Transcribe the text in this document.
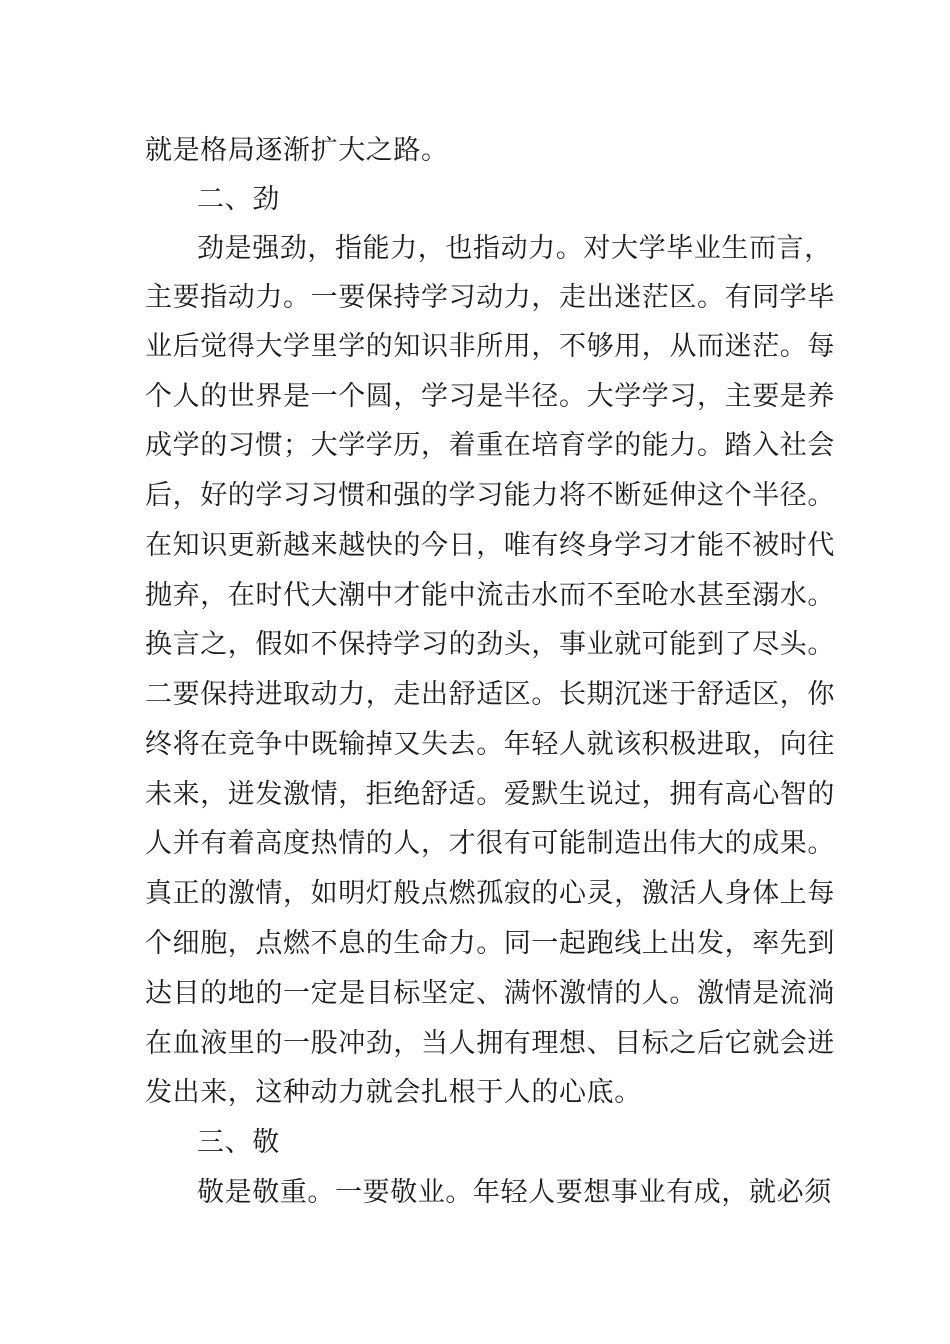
就是格局逐渐扩大之路。
二、劲
劲是强劲，指能力，也指动力。对大学毕业生而言，
主要指动力。一要保持学习动力，走出迷茫区。有同学毕
业后觉得大学里学的知识非所用，不够用，从而迷茫。每
个人的世界是一个圆，学习是半径。大学学习，主要是养
成学的习惯；大学学历，着重在培育学的能力。踏入社会
后，好的学习习惯和强的学习能力将不断延伸这个半径。
在知识更新越来越快的今日，唯有终身学习才能不被时代
抛弃，在时代大潮中才能中流击水而不至呛水甚至溺水。
换言之，假如不保持学习的劲头，事业就可能到了尽头。
二要保持进取动力，走出舒适区。长期沉迷于舒适区，你
终将在竞争中既输掉又失去。年轻人就该积极进取，向往
未来，迸发激情，拒绝舒适。爱默生说过，拥有高心智的
人并有着高度热情的人，才很有可能制造出伟大的成果。
真正的激情，如明灯般点燃孤寂的心灵，激活人身体上每
个细胞，点燃不息的生命力。同一起跑线上出发，率先到
达目的地的一定是目标坚定、满怀激情的人。激情是流淌
在血液里的一股冲劲，当人拥有理想、目标之后它就会迸
发出来，这种动力就会扎根于人的心底。
三、敬
敬是敬重。一要敬业。年轻人要想事业有成，就必须
